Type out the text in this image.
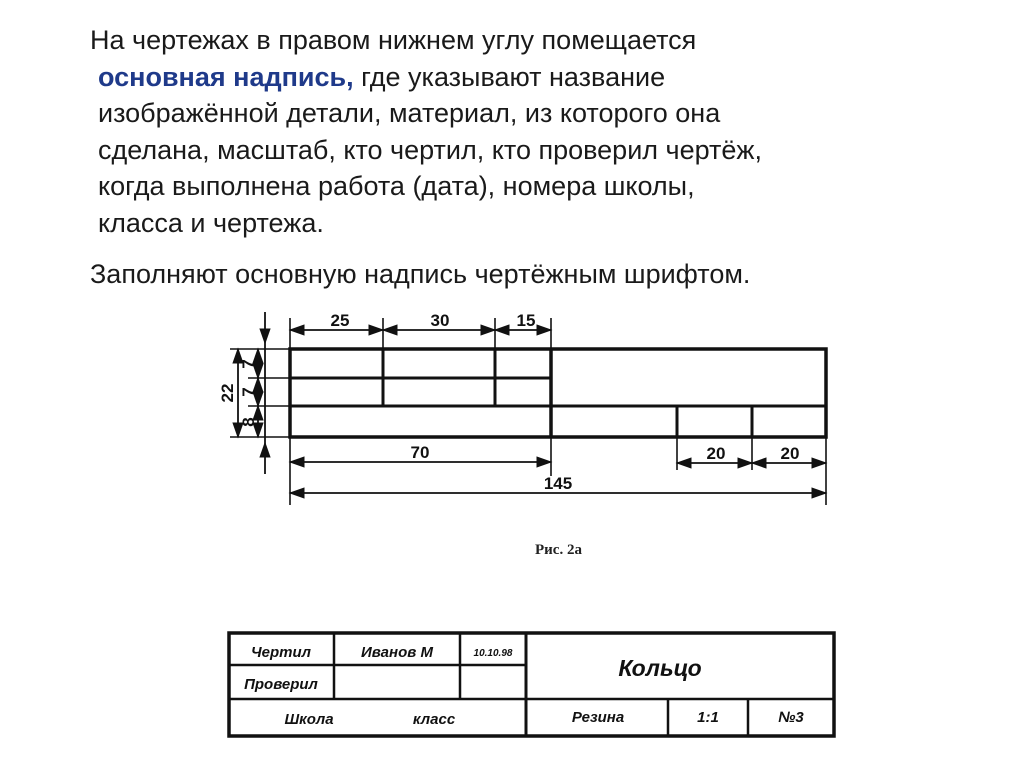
На чертежах в правом нижнем углу помещается
основная надпись, где указывают название
изображённой детали, материал, из которого она
сделана, масштаб, кто чертил, кто проверил чертёж,
когда выполнена работа (дата), номера школы,
класса и чертежа.

Заполняют основную надпись чертёжным шрифтом.

25	30	15
70	20	20
145
22
7
7
8
Чертил	Иванов М	10.10.98
Кольцо
Проверил
Школа	класс	Резина	1:1	№3
Рис. 2а
